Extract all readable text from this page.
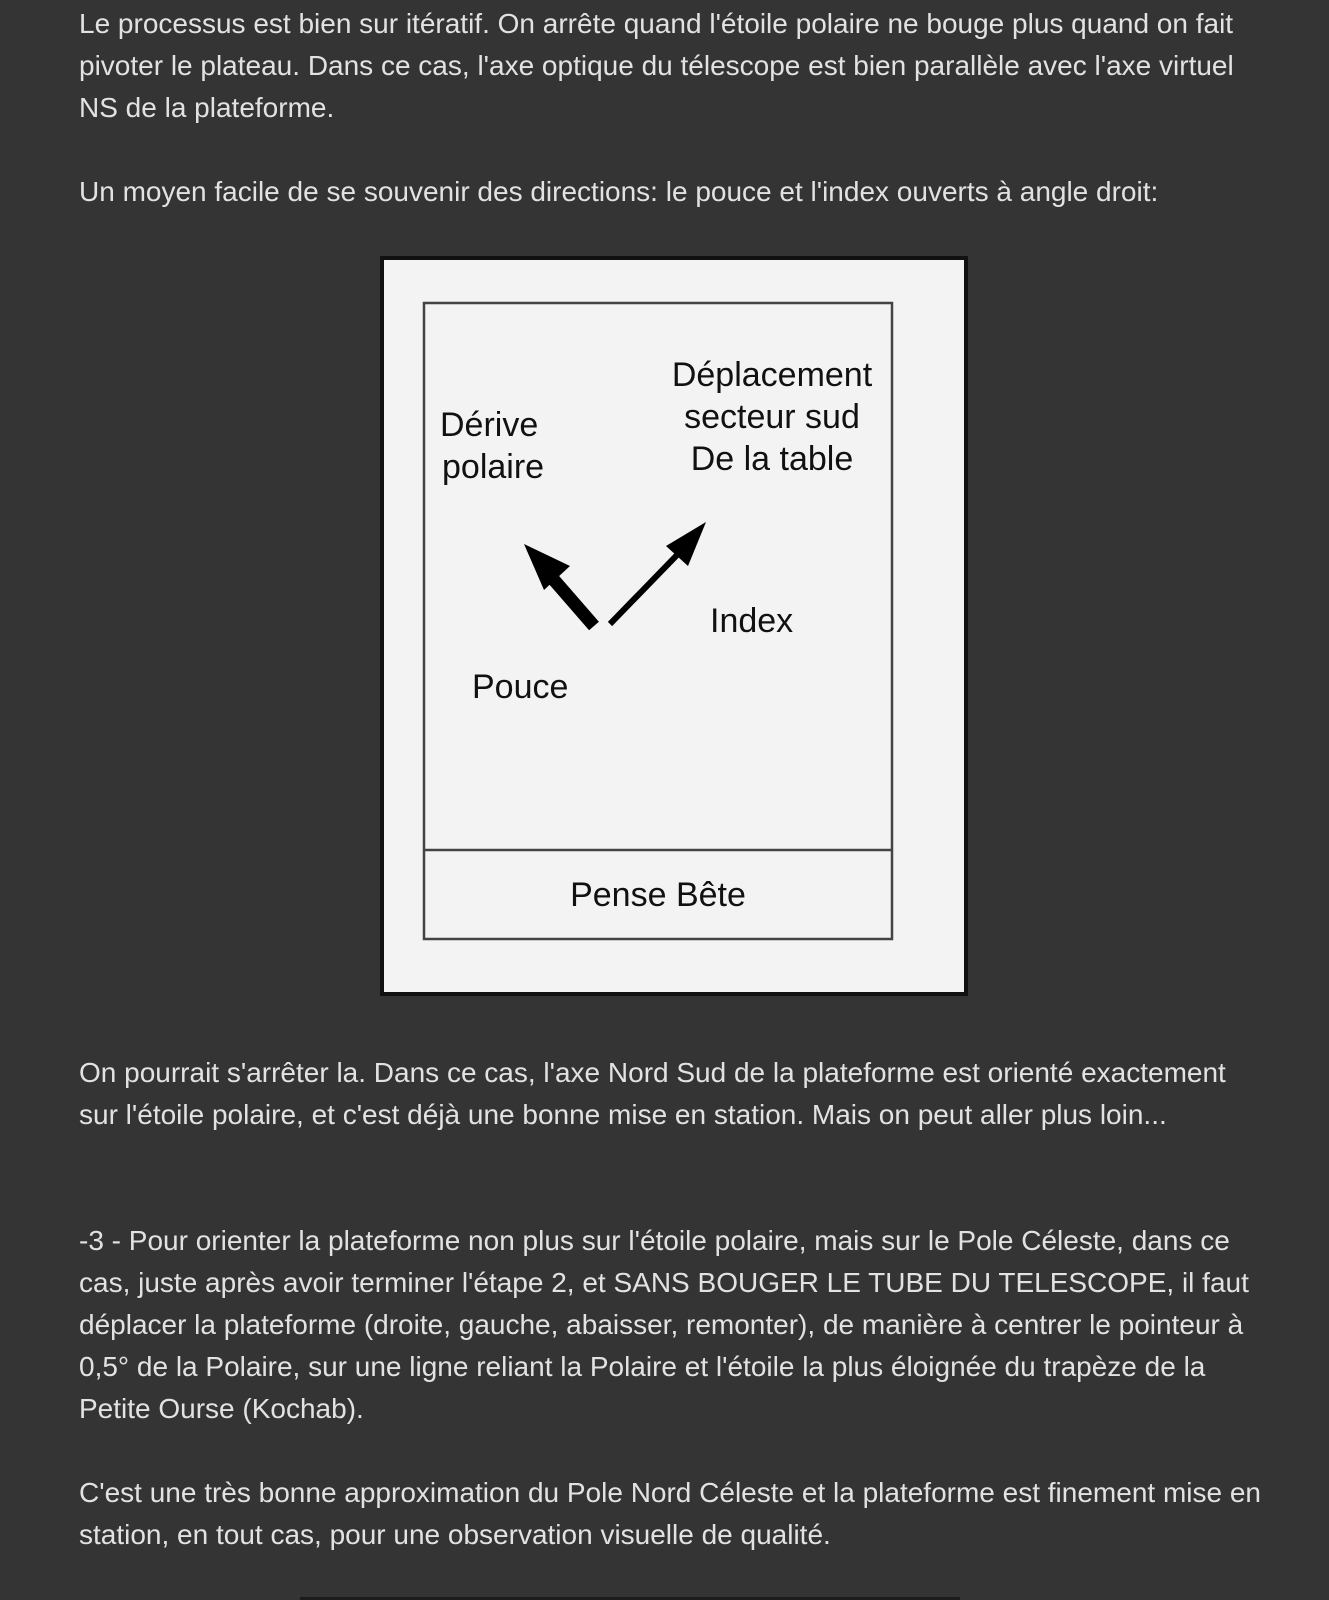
Le processus est bien sur itératif. On arrête quand l'étoile polaire ne bouge plus quand on fait pivoter le plateau. Dans ce cas, l'axe optique du télescope est bien parallèle avec l'axe virtuel NS de la plateforme.

Un moyen facile de se souvenir des directions: le pouce et l'index ouverts à angle droit:

On pourrait s'arrêter la. Dans ce cas, l'axe Nord Sud de la plateforme est orienté exactement sur l'étoile polaire, et c'est déjà une bonne mise en station. Mais on peut aller plus loin...

-3 - Pour orienter la plateforme non plus sur l'étoile polaire, mais sur le Pole Céleste, dans ce cas, juste après avoir terminer l'étape 2, et SANS BOUGER LE TUBE DU TELESCOPE, il faut déplacer la plateforme (droite, gauche, abaisser, remonter), de manière à centrer le pointeur à 0,5° de la Polaire, sur une ligne reliant la Polaire et l'étoile la plus éloignée du trapèze de la Petite Ourse (Kochab).

C'est une très bonne approximation du Pole Nord Céleste et la plateforme est finement mise en station, en tout cas, pour une observation visuelle de qualité.

Dérive
polaire
Déplacement
secteur sud
De la table
Index
Pouce
Pense Bête
